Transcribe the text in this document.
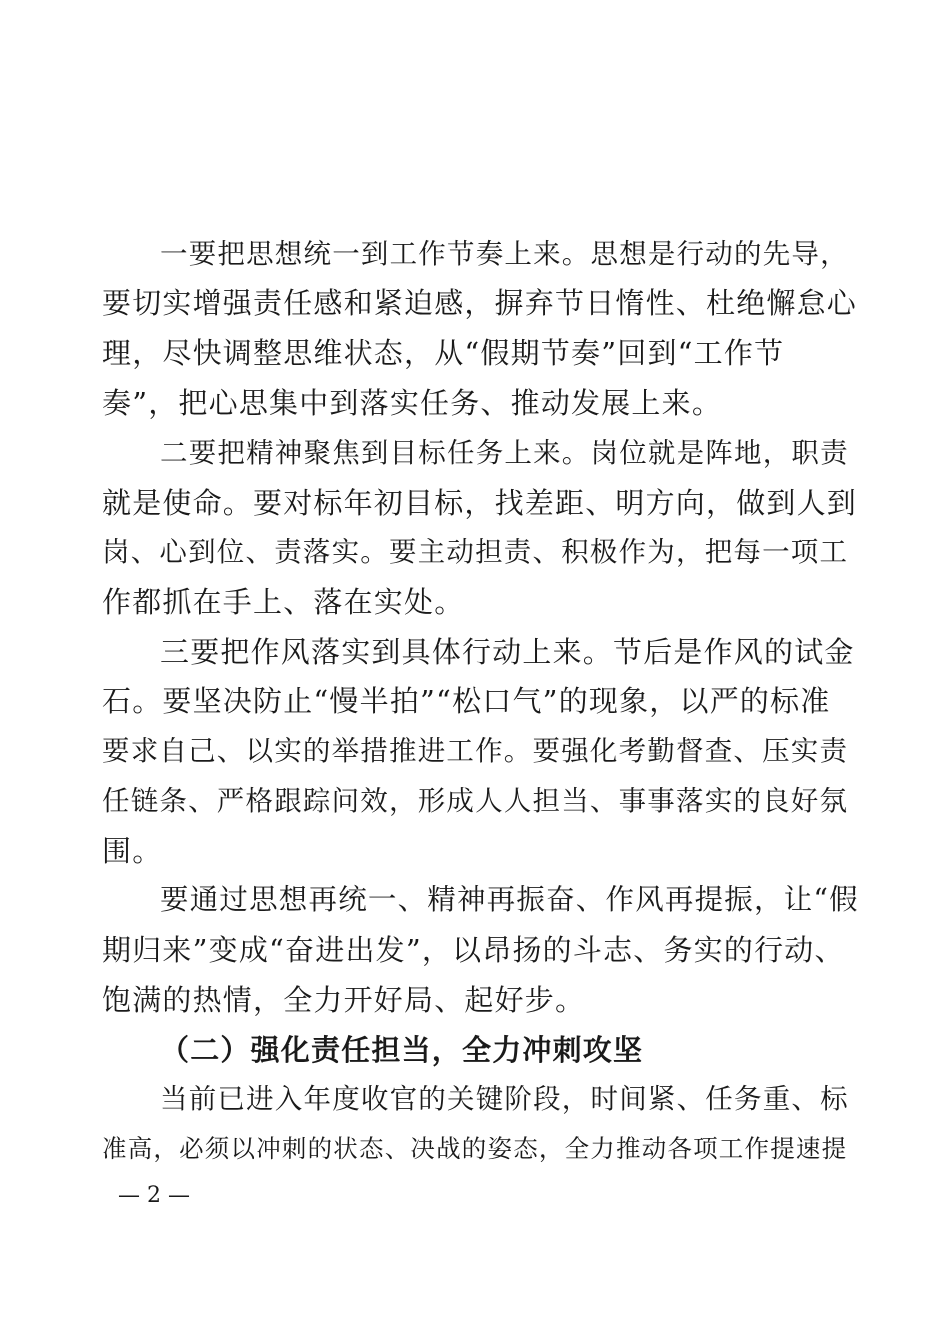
一要把思想统一到工作节奏上来。思想是行动的先导，
要切实增强责任感和紧迫感，摒弃节日惰性、杜绝懈怠心
理，尽快调整思维状态，从“假期节奏”回到“工作节
奏”，把心思集中到落实任务、推动发展上来。
二要把精神聚焦到目标任务上来。岗位就是阵地，职责
就是使命。要对标年初目标，找差距、明方向，做到人到
岗、心到位、责落实。要主动担责、积极作为，把每一项工
作都抓在手上、落在实处。
三要把作风落实到具体行动上来。节后是作风的试金
石。要坚决防止“慢半拍”“松口气”的现象，以严的标准
要求自己、以实的举措推进工作。要强化考勤督查、压实责
任链条、严格跟踪问效，形成人人担当、事事落实的良好氛
围。
要通过思想再统一、精神再振奋、作风再提振，让“假
期归来”变成“奋进出发”，以昂扬的斗志、务实的行动、
饱满的热情，全力开好局、起好步。
（二）强化责任担当，全力冲刺攻坚
当前已进入年度收官的关键阶段，时间紧、任务重、标
准高，必须以冲刺的状态、决战的姿态，全力推动各项工作提速提
— 2 —
